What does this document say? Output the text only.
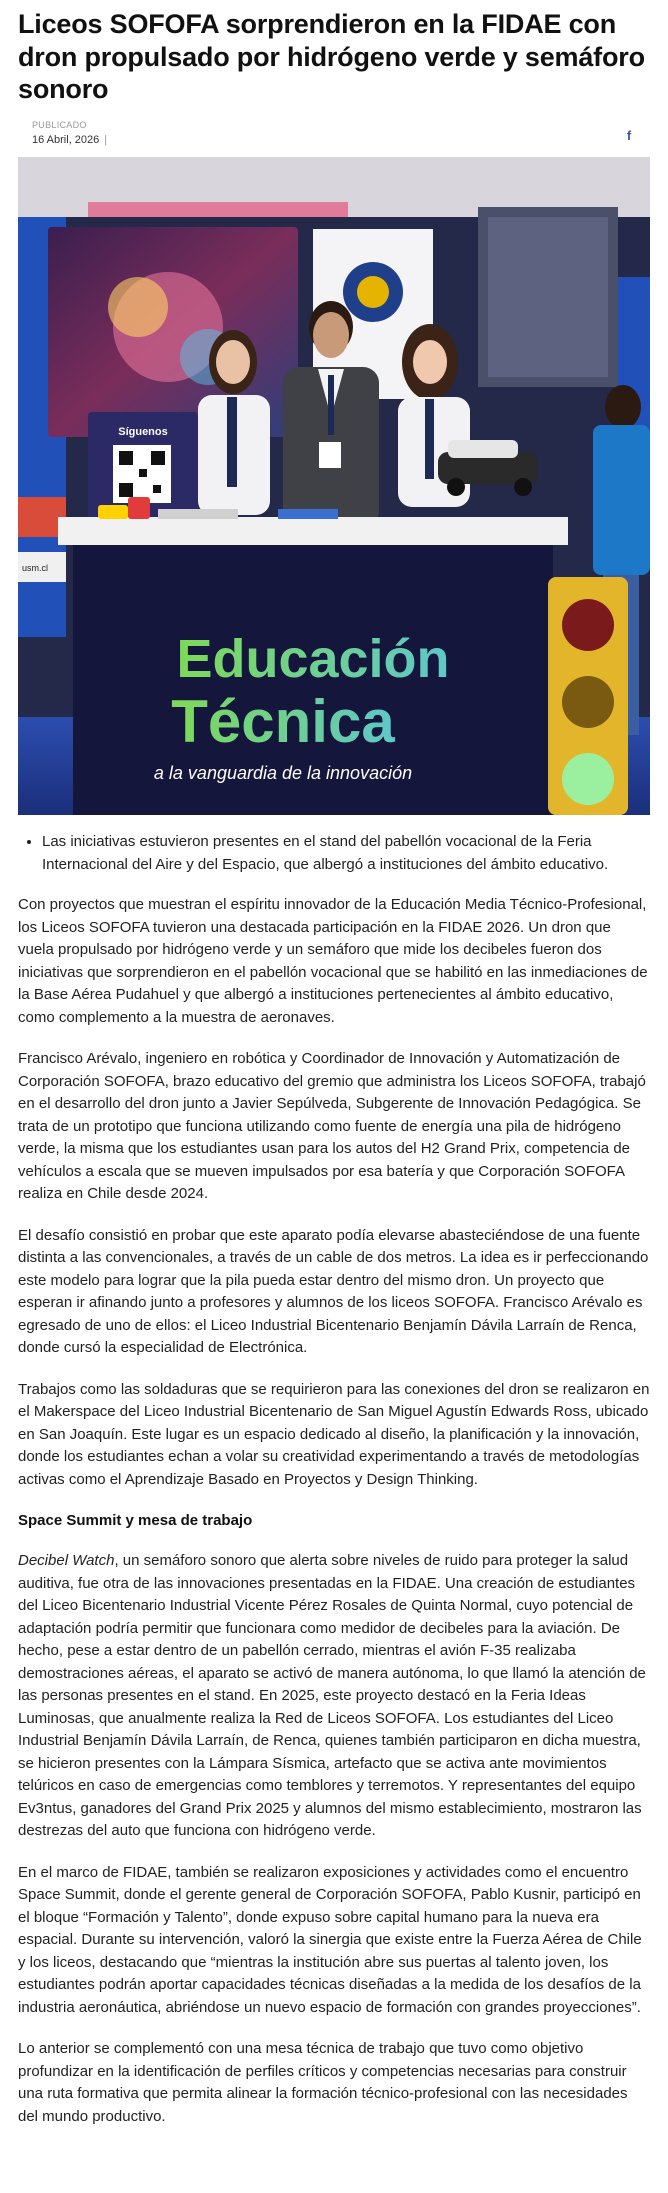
Liceos SOFOFA sorprendieron en la FIDAE con dron propulsado por hidrógeno verde y semáforo sonoro
PUBLICADO
16 Abril, 2026 |	f
usm.cl
Síguenos
Educación
Técnica
a la vanguardia de la innovación
• Las iniciativas estuvieron presentes en el stand del pabellón vocacional de la Feria Internacional del Aire y del Espacio, que albergó a instituciones del ámbito educativo.

Con proyectos que muestran el espíritu innovador de la Educación Media Técnico-Profesional, los Liceos SOFOFA tuvieron una destacada participación en la FIDAE 2026. Un dron que vuela propulsado por hidrógeno verde y un semáforo que mide los decibeles fueron dos iniciativas que sorprendieron en el pabellón vocacional que se habilitó en las inmediaciones de la Base Aérea Pudahuel y que albergó a instituciones pertenecientes al ámbito educativo, como complemento a la muestra de aeronaves.

Francisco Arévalo, ingeniero en robótica y Coordinador de Innovación y Automatización de Corporación SOFOFA, brazo educativo del gremio que administra los Liceos SOFOFA, trabajó en el desarrollo del dron junto a Javier Sepúlveda, Subgerente de Innovación Pedagógica. Se trata de un prototipo que funciona utilizando como fuente de energía una pila de hidrógeno verde, la misma que los estudiantes usan para los autos del H2 Grand Prix, competencia de vehículos a escala que se mueven impulsados por esa batería y que Corporación SOFOFA realiza en Chile desde 2024.

El desafío consistió en probar que este aparato podía elevarse abasteciéndose de una fuente distinta a las convencionales, a través de un cable de dos metros. La idea es ir perfeccionando este modelo para lograr que la pila pueda estar dentro del mismo dron. Un proyecto que esperan ir afinando junto a profesores y alumnos de los liceos SOFOFA. Francisco Arévalo es egresado de uno de ellos: el Liceo Industrial Bicentenario Benjamín Dávila Larraín de Renca, donde cursó la especialidad de Electrónica.

Trabajos como las soldaduras que se requirieron para las conexiones del dron se realizaron en el Makerspace del Liceo Industrial Bicentenario de San Miguel Agustín Edwards Ross, ubicado en San Joaquín. Este lugar es un espacio dedicado al diseño, la planificación y la innovación, donde los estudiantes echan a volar su creatividad experimentando a través de metodologías activas como el Aprendizaje Basado en Proyectos y Design Thinking.

Space Summit y mesa de trabajo

Decibel Watch, un semáforo sonoro que alerta sobre niveles de ruido para proteger la salud auditiva, fue otra de las innovaciones presentadas en la FIDAE. Una creación de estudiantes del Liceo Bicentenario Industrial Vicente Pérez Rosales de Quinta Normal, cuyo potencial de adaptación podría permitir que funcionara como medidor de decibeles para la aviación. De hecho, pese a estar dentro de un pabellón cerrado, mientras el avión F-35 realizaba demostraciones aéreas, el aparato se activó de manera autónoma, lo que llamó la atención de las personas presentes en el stand. En 2025, este proyecto destacó en la Feria Ideas Luminosas, que anualmente realiza la Red de Liceos SOFOFA. Los estudiantes del Liceo Industrial Benjamín Dávila Larraín, de Renca, quienes también participaron en dicha muestra, se hicieron presentes con la Lámpara Sísmica, artefacto que se activa ante movimientos telúricos en caso de emergencias como temblores y terremotos. Y representantes del equipo Ev3ntus, ganadores del Grand Prix 2025 y alumnos del mismo establecimiento, mostraron las destrezas del auto que funciona con hidrógeno verde.

En el marco de FIDAE, también se realizaron exposiciones y actividades como el encuentro Space Summit, donde el gerente general de Corporación SOFOFA, Pablo Kusnir, participó en el bloque “Formación y Talento”, donde expuso sobre capital humano para la nueva era espacial. Durante su intervención, valoró la sinergia que existe entre la Fuerza Aérea de Chile y los liceos, destacando que “mientras la institución abre sus puertas al talento joven, los estudiantes podrán aportar capacidades técnicas diseñadas a la medida de los desafíos de la industria aeronáutica, abriéndose un nuevo espacio de formación con grandes proyecciones”.

Lo anterior se complementó con una mesa técnica de trabajo que tuvo como objetivo profundizar en la identificación de perfiles críticos y competencias necesarias para construir una ruta formativa que permita alinear la formación técnico-profesional con las necesidades del mundo productivo.
